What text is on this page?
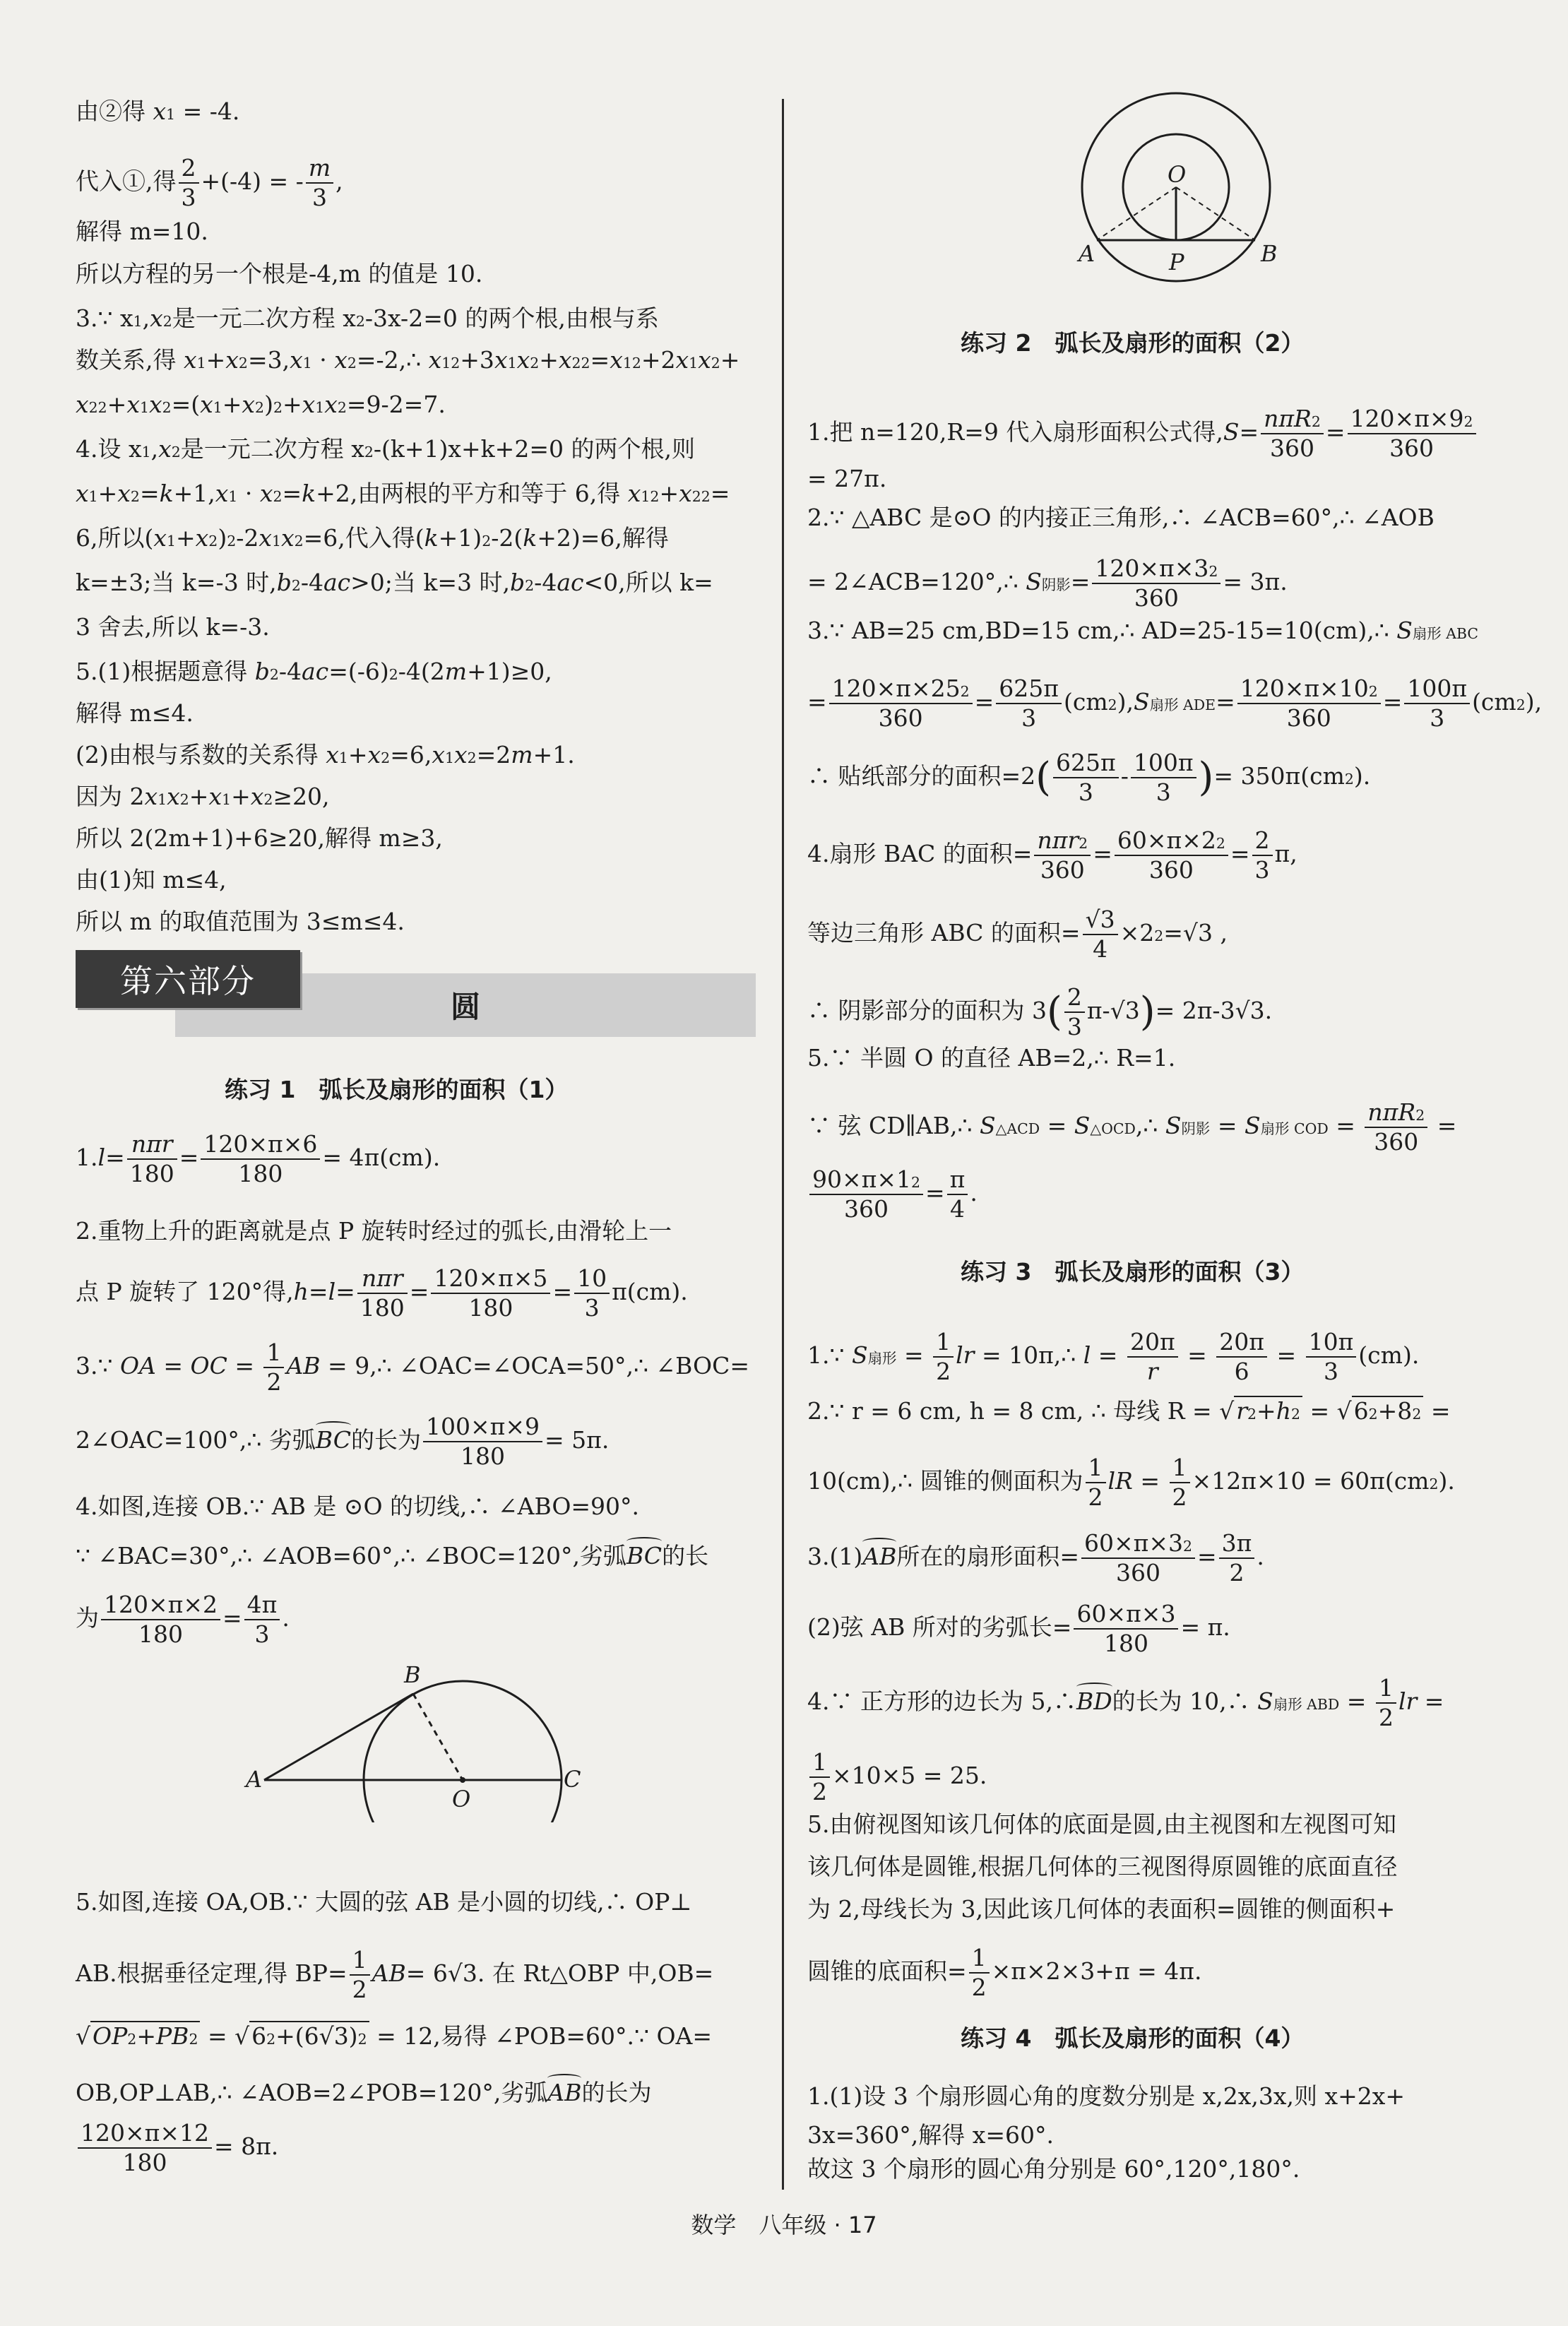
由②得 $x_1 = -4$.
代入①,得 $\frac{2}{3} +(-4)$ = - $\frac{m}{3}$ ,
解得 m=10.
所以方程的另一个根是-4,m 的值是 10.
3.∵ $x_1,x_2$是一元二次方程 $x^2-3x-2=0$ 的两个根,由根与系
数关系,得 $x_1+x_2=3,x_1$ · $x_2=-2,\therefore$ $x_1^2+3x_1x_2+x_2^2=x_1^2+2x_1x_2+$
$x_2^2+x_1x_2=(x_1+x_2)^2+x_1x_2=9-2=7$.
4.设 $x_1,x_2$是一元二次方程 $x^2-(k+1)x+k+2=0$ 的两个根,则
$x_1+x_2=k+1,x_1 \cdot x_2=k+2$,由两根的平方和等于 6,得 $x_1^2+x_2^2=$
6,所以$(x_1+x_2)^2-2x_1x_2=6$,代入得$(k+1)^2-2(k+2)=6$,解得
k=±3;当 k=-3 时$,b^2-4ac>0$;当 k=3 时$,b^2-4ac<0$,所以 k=
3 舍去,所以 k=-3.
5.(1)根据题意得 $b^2-4ac=(-6)^2-4(2m+1)\ge 0$,
解得 m≤4.
(2)由根与系数的关系得 $x_1+x_2=6,x_1x_2=2m+1$.
因为 $2x_1x_2+x_1+x_2\ge 20$,
所以 2(2m+1)+6≥20,解得 m≥3,
由(1)知 m≤4,
所以 m 的取值范围为 3≤m≤4.
圆
第六部分
练习 1　弧长及扇形的面积（1）
$1.l= \frac{\text{nπr}}{180} = \frac{120\times\pi\times 6}{180} = 4\pi(cm)$.
2.重物上升的距离就是点 P 旋转时经过的弧长,由滑轮上一
点 P 旋转了 120°得$,h=l= \frac{\text{nπr}}{180} = \frac{120\times\pi\times 5}{180} = \frac{10}{3} \pi(cm)$.
3.∵ OA = OC = $\frac{1}{2}$ AB = 9,∴ ∠OAC=∠OCA=50°,∴ ∠BOC=
2∠OAC=100°,∴ 劣弧BC的长为 $\frac{100\times\pi\times 9}{180} = 5\pi$.
4.如图,连接 OB.∵ AB 是 ⊙O 的切线,∴ ∠ABO=90°.
∵ ∠BAC=30°,∴ ∠AOB=60°,∴ ∠BOC=120°,劣弧BC的长
为 $\frac{120\times\pi\times 2}{180} = \frac{4\pi}{3}$ .
B
A
O
C
5.如图,连接 OA,OB.∵ 大圆的弦 AB 是小圆的切线,∴ OP⊥
AB.根据垂径定理,得 $BP= \frac{1}{2} AB= 6√3$. 在 Rt△OBP 中,OB=
$√OP^2+PB^2 = √6^2+(6√3)^2 = 12$,易得 ∠POB=60°.∵ OA=
OB,OP⊥AB,∴ ∠AOB=2∠POB=120°,劣弧AB的长为
$\frac{120\times\pi\times 12}{180} = 8\pi$.
O
A	P	B
练习 2　弧长及扇形的面积（2）
1.把 n=120,R=9 代入扇形面积公式得$,S= \frac{n\pi R^2}{360} = \frac{120\times\pi\times 9^2}{360}$
= 27π.
2.∵ △ABC 是⊙O 的内接正三角形,∴ ∠ACB=60°,∴ ∠AOB
= 2∠ACB=120°,∴ $S_{阴影}= \frac{120\times\pi\times 3^2}{360} = 3\pi$.
3.∵ AB=25 cm,BD=15 cm,∴ AD=25-15=10(cm),∴ $S_{扇形 ABC}$
= $\frac{120\times\pi\times 25^2}{360} = \frac{625\pi}{3} (cm^2),S_{扇形 ADE}= \frac{120\times\pi\times 10^2}{360} = \frac{100\pi}{3} (cm^2)$,
∴ 贴纸部分的面积$=2( \frac{625\pi}{3} - \frac{100\pi}{3}$ )= $350\pi(cm^2)$.
4.扇形 BAC 的面积= $\frac{n\pi r^2}{360} = \frac{60\times\pi\times 2^2}{360} = \frac{2}{3} \pi$,
等边三角形 ABC 的面积= $\frac{√3}{4} \times 2^2=√3$ ,
∴ 阴影部分的面积为 $3( \frac{2}{3} \pi-√3)= 2\pi-3√3$.
5.∵ 半圆 O 的直径 AB=2,∴ R=1.
∵ 弦 CD∥AB,∴ $S_{\triangle ACD}$ = $S_{\triangle OCD},\therefore$ $S_{阴影} = S_{扇形 COD} = \frac{n\pi R^2}{360}$ =
$\frac{90\times\pi\times 1^2}{360} = \frac{\pi}{4}$ .
练习 3　弧长及扇形的面积（3）
1.∵ $S_{扇形} = \frac{1}{2}$ lr = 10π,∴ $l = \frac{20\pi}{r} = \frac{20\pi}{6} = \frac{10\pi}{3} (cm)$.
2.∵ r = 6 cm, h = 8 cm, ∴ 母线 $R = √r^2+h^2 = √6^2+8^2$ =
10(cm),∴ 圆锥的侧面积为 $\frac{1}{2}$ lR = $\frac{1}{2} \times 12\pi\times 10 = 60\pi(cm^2)$.
3.(1)AB所在的扇形面积= $\frac{60\times\pi\times 3^2}{360} = \frac{3\pi}{2}$ .
(2)弦 AB 所对的劣弧长= $\frac{60\times\pi\times 3}{180} = \pi$.
4.∵ 正方形的边长为 5,∴BD的长为 10,∴ $S_{扇形 ABD} = \frac{1}{2}$ lr =
$\frac{1}{2} \times 10\times 5 = 25$.
5.由俯视图知该几何体的底面是圆,由主视图和左视图可知
该几何体是圆锥,根据几何体的三视图得原圆锥的底面直径
为 2,母线长为 3,因此该几何体的表面积=圆锥的侧面积+
圆锥的底面积= $\frac{1}{2} \times\pi\times 2\times 3+\pi = 4\pi$.
练习 4　弧长及扇形的面积（4）
1.(1)设 3 个扇形圆心角的度数分别是 x,2x,3x,则 x+2x+
3x=360°,解得 x=60°.
故这 3 个扇形的圆心角分别是 60°,120°,180°.
数学　八年级 · 17
